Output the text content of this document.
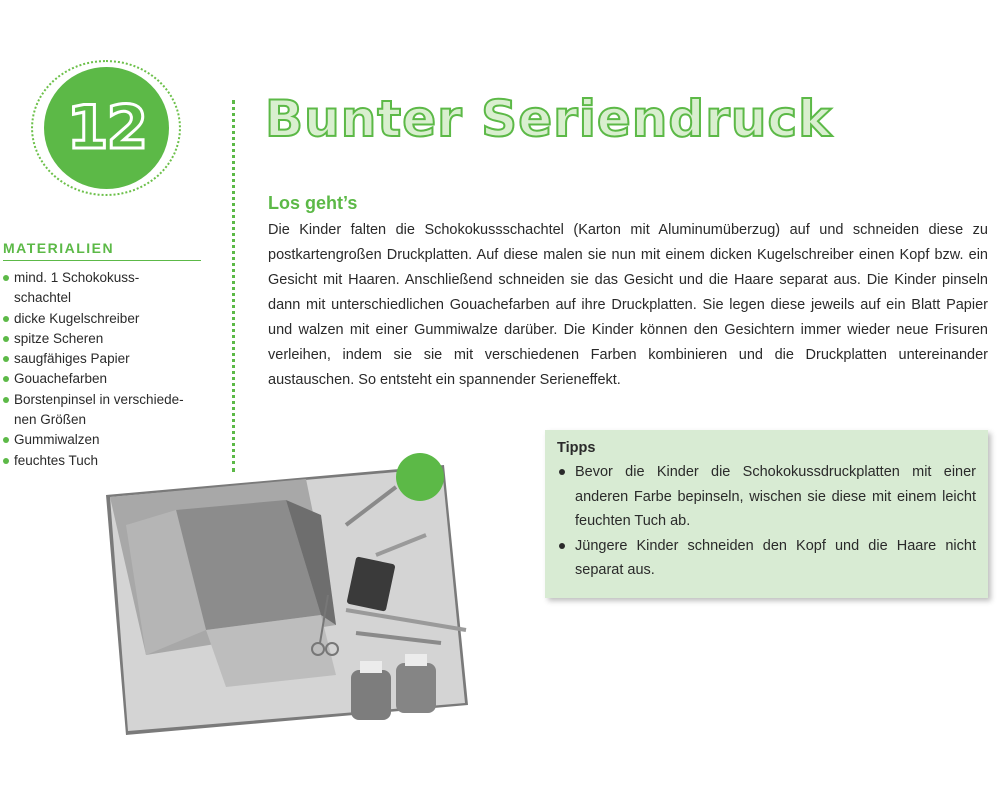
12
MATERIALIEN
mind. 1 Schokokuss-
schachtel
dicke Kugelschreiber
spitze Scheren
saugfähiges Papier
Gouachefarben
Borstenpinsel in verschiede-
nen Größen
Gummiwalzen
feuchtes Tuch
Bunter Seriendruck
Los geht’s

Die Kinder falten die Schokokussschachtel (Karton mit Aluminumüberzug) auf und schneiden diese zu postkartengroßen Druckplatten. Auf diese malen sie nun mit einem dicken Kugelschreiber einen Kopf bzw. ein Gesicht mit Haaren. Anschließend schneiden sie das Gesicht und die Haare separat aus. Die Kinder pinseln dann mit unterschiedlichen Gouachefarben auf ihre Druckplatten. Sie legen diese jeweils auf ein Blatt Papier und walzen mit einer Gummiwalze darüber. Die Kinder können den Gesichtern immer wieder neue Frisuren verleihen, indem sie sie mit verschiedenen Farben kombinieren und die Druckplatten untereinander austauschen. So entsteht ein spannender Serieneffekt.

Tipps
Bevor die Kinder die Schokokussdruckplatten mit einer anderen Farbe bepinseln, wischen sie diese mit einem leicht feuchten Tuch ab.
Jüngere Kinder schneiden den Kopf und die Haare nicht separat aus.
